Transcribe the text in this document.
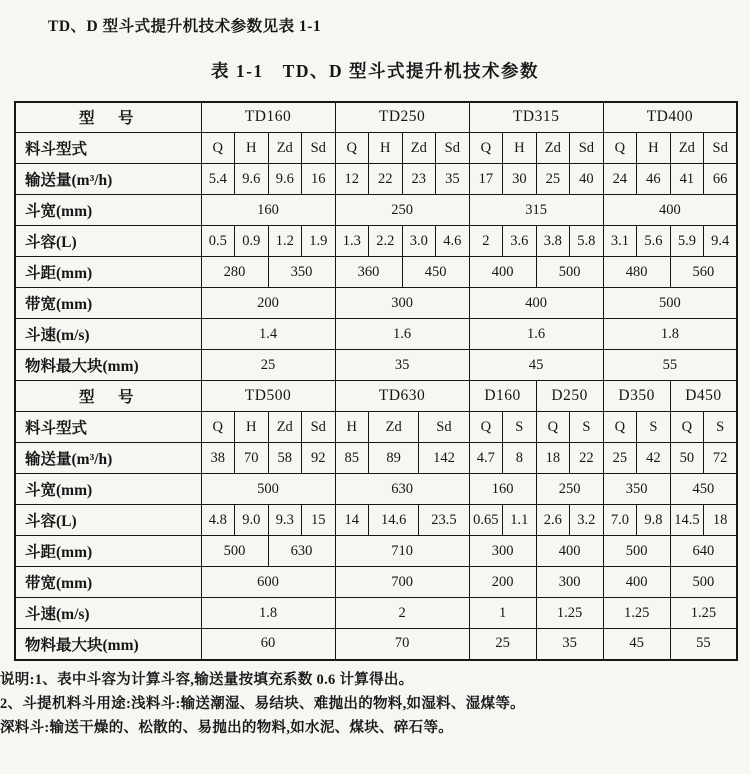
TD、D 型斗式提升机技术参数见表 1-1

表 1-1　TD、D 型斗式提升机技术参数

型　号	TD160				TD250					TD315				TD400			
料斗型式	Q	H	Zd	Sd	Q	H	Zd		Sd	Q	H	Zd	Sd	Q	H	Zd	Sd
输送量(m³/h)	5.4	9.6	9.6	16	12	22	23		35	17	30	25	40	24	46	41	66
斗宽(mm)	160				250					315				400			
斗容(L)	0.5	0.9	1.2	1.9	1.3	2.2	3.0		4.6	2	3.6	3.8	5.8	3.1	5.6	5.9	9.4
斗距(mm)	280		350		360		450			400		500		480		560	
带宽(mm)	200				300					400				500			
斗速(m/s)	1.4				1.6					1.6				1.8			
物料最大块(mm)	25				35					45				55			
型　号	TD500				TD630					D160		D250		D350		D450	
料斗型式	Q	H	Zd	Sd	H	Zd		Sd		Q	S	Q	S	Q	S	Q	S
输送量(m³/h)	38	70	58	92	85	89		142		4.7	8	18	22	25	42	50	72
斗宽(mm)	500				630					160		250		350		450	
斗容(L)	4.8	9.0	9.3	15	14	14.6		23.5		0.65	1.1	2.6	3.2	7.0	9.8	14.5	18
斗距(mm)	500		630		710					300		400		500		640	
带宽(mm)	600				700					200		300		400		500	
斗速(m/s)	1.8				2					1		1.25		1.25		1.25	
物料最大块(mm)	60				70					25		35		45		55	

说明:1、表中斗容为计算斗容,输送量按填充系数 0.6 计算得出。

2、斗提机料斗用途:浅料斗:输送潮湿、易结块、难抛出的物料,如湿料、湿煤等。

深料斗:输送干燥的、松散的、易抛出的物料,如水泥、煤块、碎石等。
